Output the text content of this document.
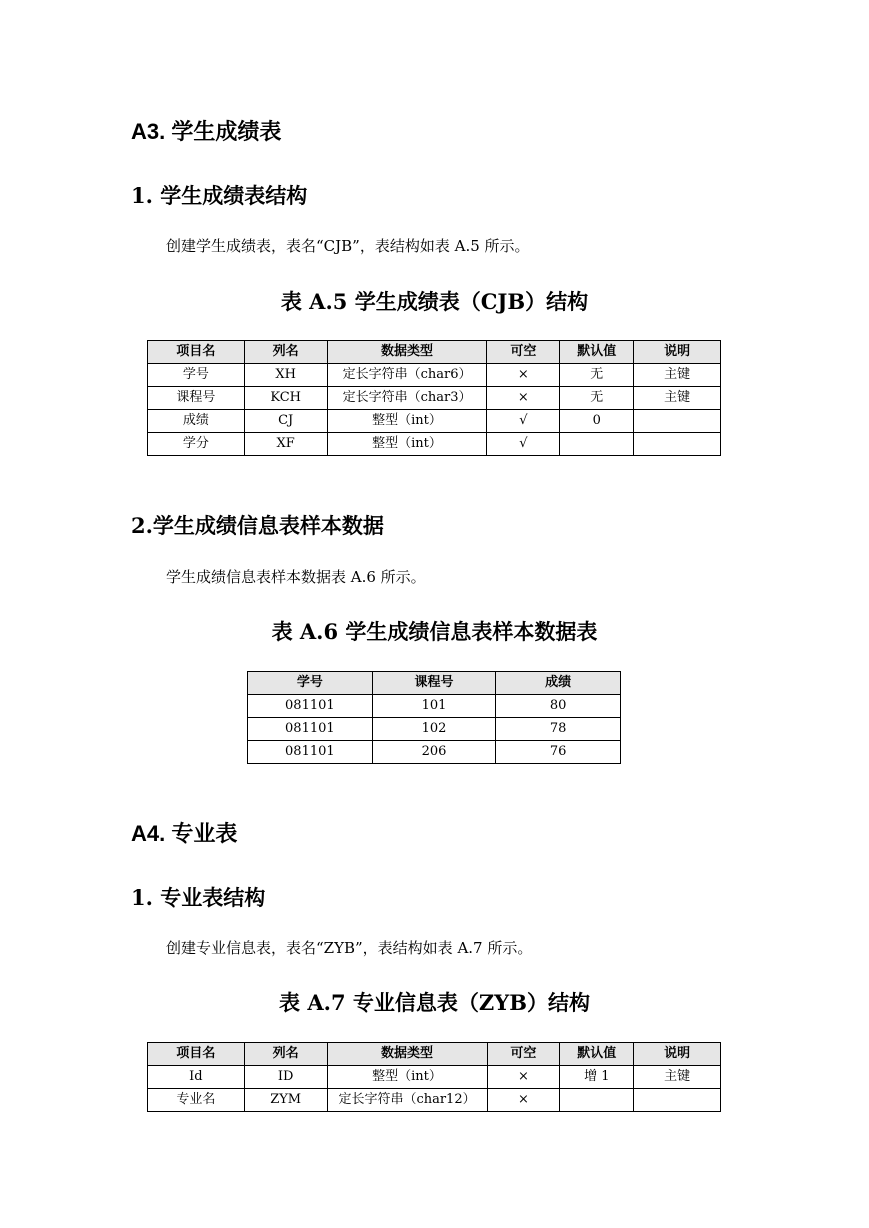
A3. 学生成绩表
1. 学生成绩表结构
创建学生成绩表，表名“CJB”，表结构如表 A.5 所示。
表 A.5 学生成绩表（CJB）结构
项目名	列名	数据类型	可空	默认值	说明
学号	XH	定长字符串（char6）	×	无	主键
课程号	KCH	定长字符串（char3）	×	无	主键
成绩	CJ	整型（int）	√	0	
学分	XF	整型（int）	√		
2.学生成绩信息表样本数据
学生成绩信息表样本数据表 A.6 所示。
表 A.6 学生成绩信息表样本数据表
学号	课程号	成绩
081101	101	80
081101	102	78
081101	206	76
A4. 专业表
1. 专业表结构
创建专业信息表，表名“ZYB”，表结构如表 A.7 所示。
表 A.7 专业信息表（ZYB）结构
项目名	列名	数据类型	可空	默认值	说明
Id	ID	整型（int）	×	增 1	主键
专业名	ZYM	定长字符串（char12）	×		
